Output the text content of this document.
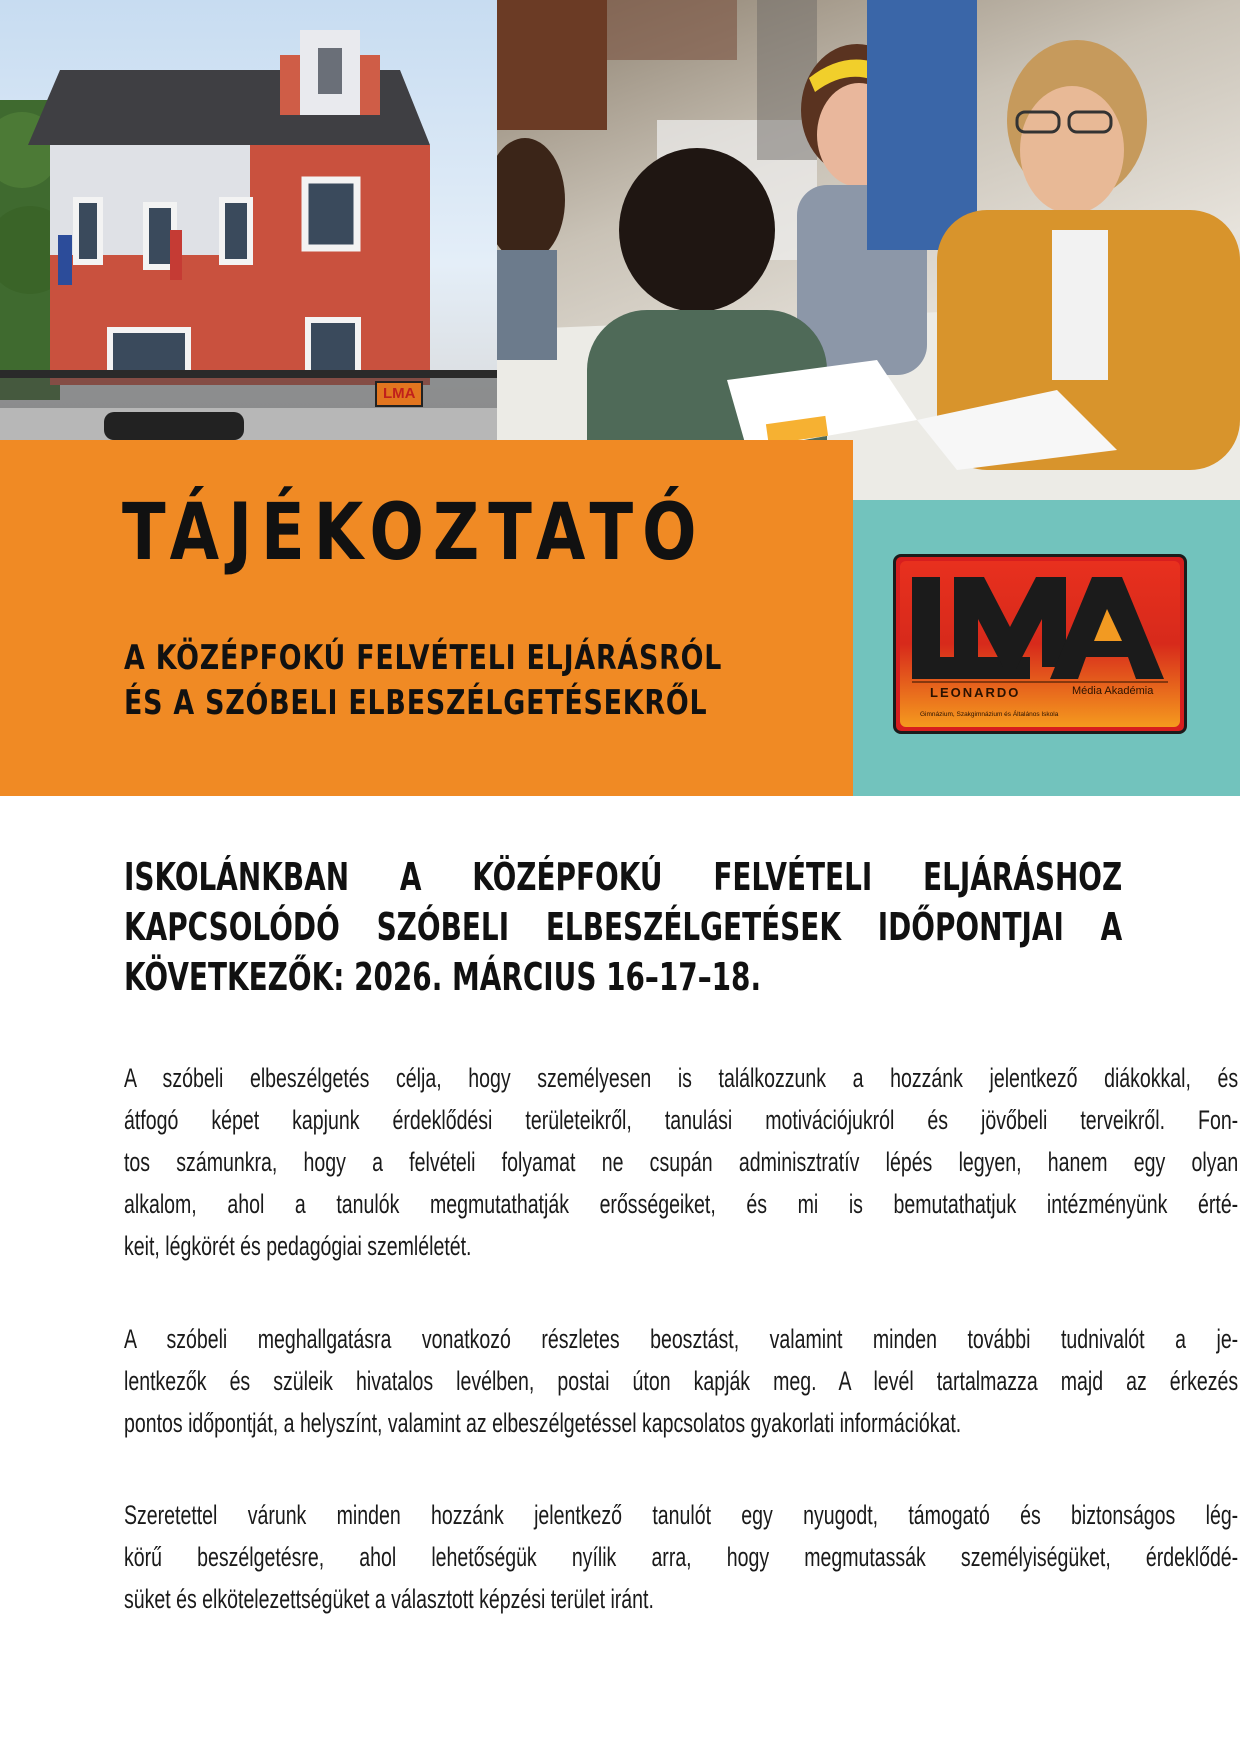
LMA
TÁJÉKOZTATÓ
A KÖZÉPFOKÚ FELVÉTELI ELJÁRÁSRÓL
ÉS A SZÓBELI ELBESZÉLGETÉSEKRŐL	LEONARDO	Média Akadémia
Gimnázium, Szakgimnázium és Általános Iskola
ISKOLÁNKBAN A KÖZÉPFOKÚ FELVÉTELI ELJÁRÁSHOZ
KAPCSOLÓDÓ SZÓBELI ELBESZÉLGETÉSEK IDŐPONTJAI A
KÖVETKEZŐK: 2026. MÁRCIUS 16–17–18.
A szóbeli elbeszélgetés célja, hogy személyesen is találkozzunk a hozzánk jelentkező diákokkal, és
átfogó képet kapjunk érdeklődési területeikről, tanulási motivációjukról és jövőbeli terveikről. Fon-
tos számunkra, hogy a felvételi folyamat ne csupán adminisztratív lépés legyen, hanem egy olyan
alkalom, ahol a tanulók megmutathatják erősségeiket, és mi is bemutathatjuk intézményünk érté-
keit, légkörét és pedagógiai szemléletét.
A szóbeli meghallgatásra vonatkozó részletes beosztást, valamint minden további tudnivalót a je-
lentkezők és szüleik hivatalos levélben, postai úton kapják meg. A levél tartalmazza majd az érkezés
pontos időpontját, a helyszínt, valamint az elbeszélgetéssel kapcsolatos gyakorlati információkat.
Szeretettel várunk minden hozzánk jelentkező tanulót egy nyugodt, támogató és biztonságos lég-
körű beszélgetésre, ahol lehetőségük nyílik arra, hogy megmutassák személyiségüket, érdeklődé-
süket és elkötelezettségüket a választott képzési terület iránt.
